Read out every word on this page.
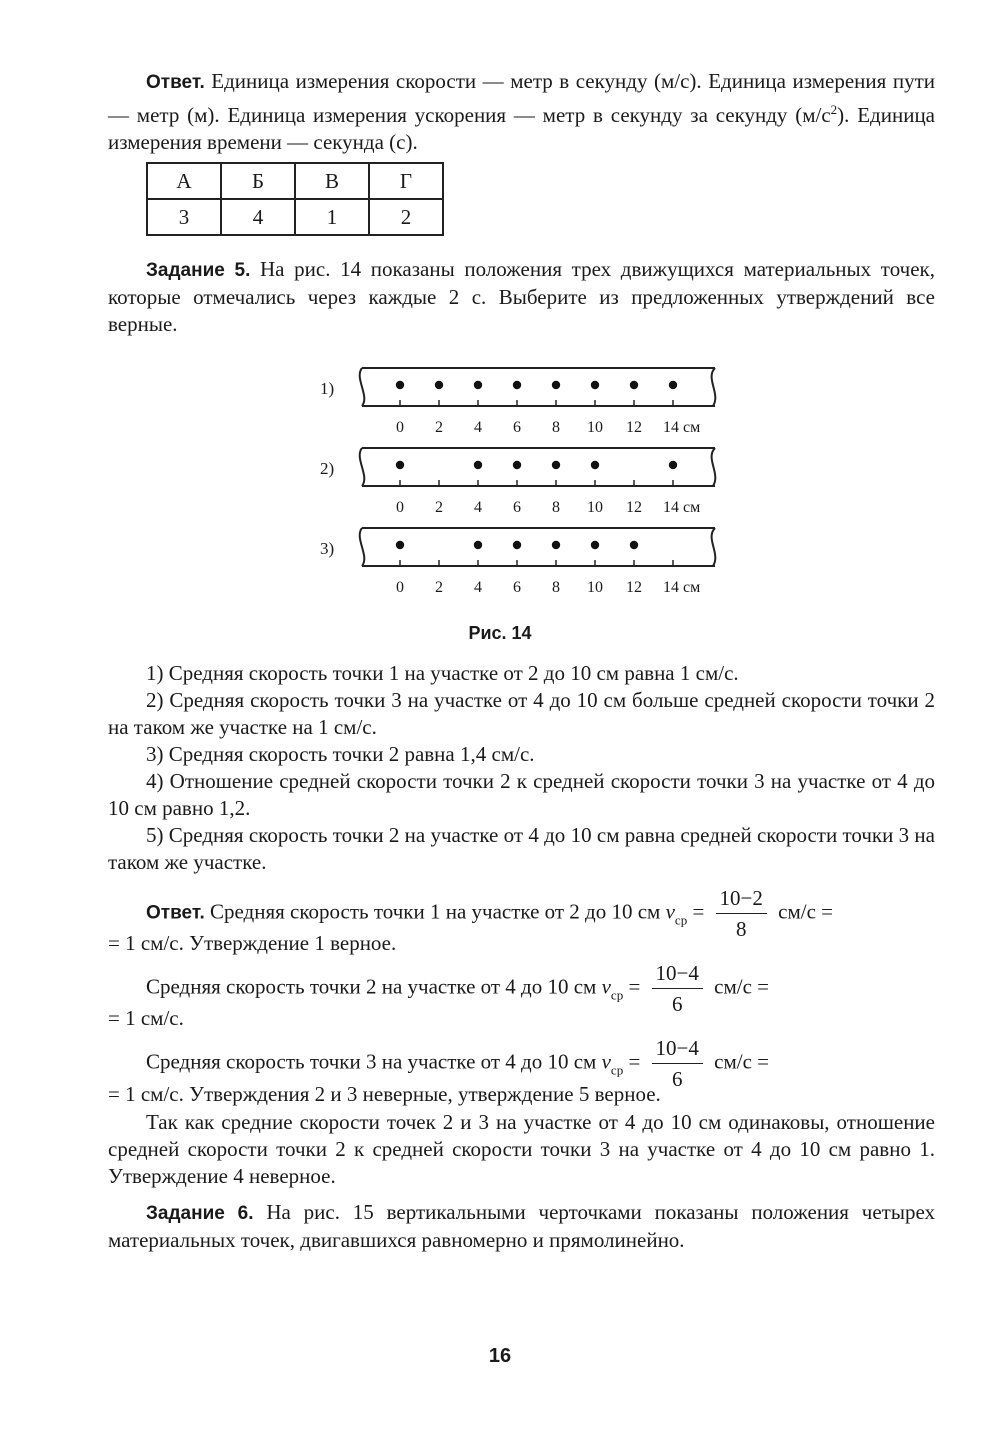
Ответ. Единица измерения скорости — метр в секунду (м/с). Единица измерения пути — метр (м). Единица измерения ускорения — метр в секунду за секунду $(м/с^2)$. Единица измерения времени — секунда (с).

А	Б	В	Г
3	4	1	2

Задание 5. На рис. 14 показаны положения трех движущихся материальных точек, которые отмечались через каждые 2 с. Выберите из предложенных утверждений все верные.

1)
0 2 4 6 8 10 12 14 см
2)
0 2 4 6 8 10 12 14 см
3)
0 2 4 6 8 10 12 14 см
Рис. 14
1) Средняя скорость точки 1 на участке от 2 до 10 см равна 1 см/с.
2) Средняя скорость точки 3 на участке от 4 до 10 см больше средней скорости точки 2 на таком же участке на 1 см/с.
3) Средняя скорость точки 2 равна 1,4 см/с.
4) Отношение средней скорости точки 2 к средней скорости точки 3 на участке от 4 до 10 см равно 1,2.
5) Средняя скорость точки 2 на участке от 4 до 10 см равна средней скорости точки 3 на таком же участке.
Ответ. Средняя скорость точки 1 на участке от 2 до 10 см $v_{ср} = \frac{10-2}{8} см/с$ =
= 1 см/с. Утверждение 1 верное.
Средняя скорость точки 2 на участке от 4 до 10 см $v_{ср} = \frac{10-4}{6} см/с$ =
= 1 см/с.
Средняя скорость точки 3 на участке от 4 до 10 см $v_{ср} = \frac{10-4}{6} см/с$ =
= 1 см/с. Утверждения 2 и 3 неверные, утверждение 5 верное.
Так как средние скорости точек 2 и 3 на участке от 4 до 10 см одинаковы, отношение средней скорости точки 2 к средней скорости точки 3 на участке от 4 до 10 см равно 1. Утверждение 4 неверное.

Задание 6. На рис. 15 вертикальными черточками показаны положения четырех материальных точек, двигавшихся равномерно и прямолинейно.

16
